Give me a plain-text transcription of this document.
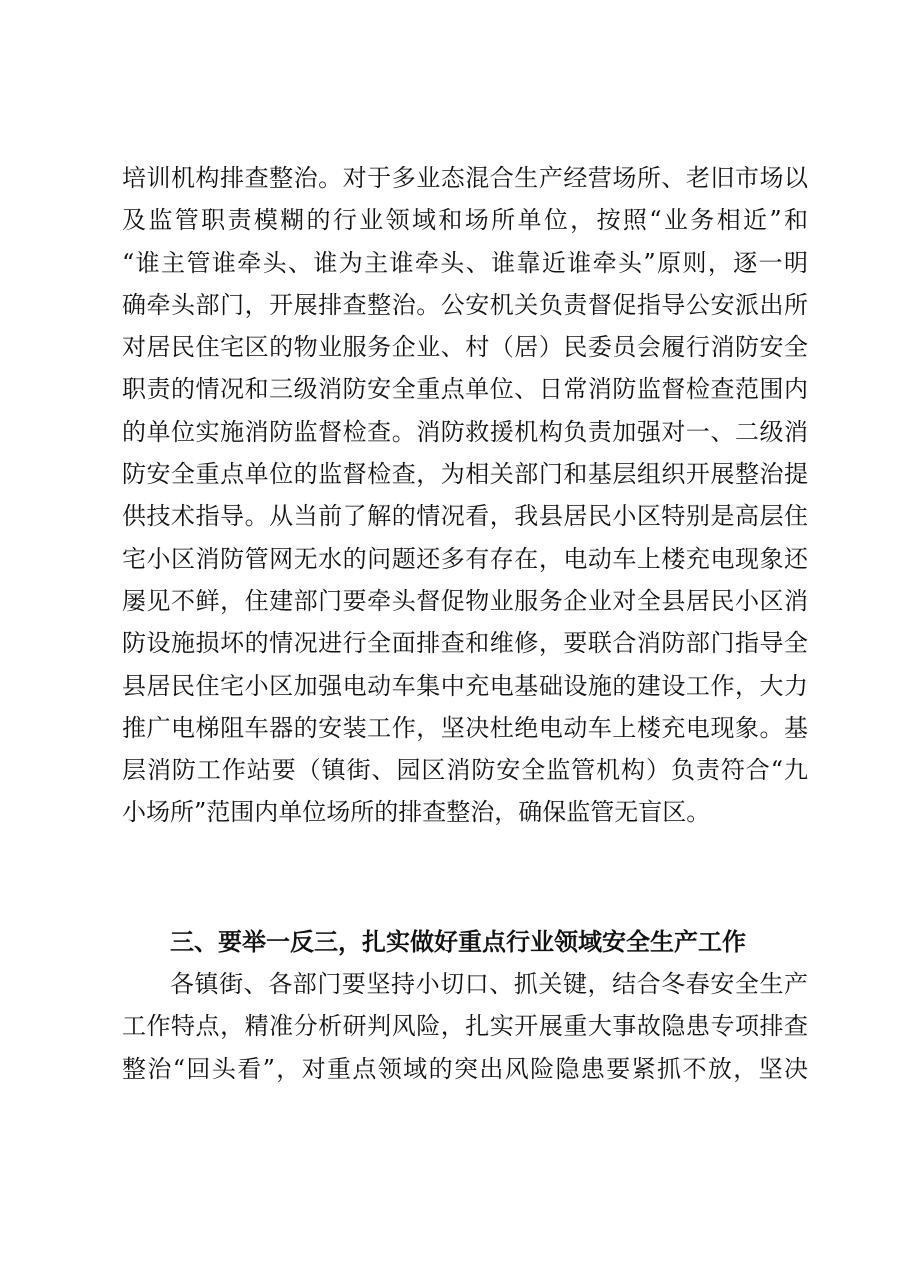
培训机构排查整治。对于多业态混合生产经营场所、老旧市场以
及监管职责模糊的行业领域和场所单位，按照“业务相近”和
“谁主管谁牵头、谁为主谁牵头、谁靠近谁牵头”原则，逐一明
确牵头部门，开展排查整治。公安机关负责督促指导公安派出所
对居民住宅区的物业服务企业、村（居）民委员会履行消防安全
职责的情况和三级消防安全重点单位、日常消防监督检查范围内
的单位实施消防监督检查。消防救援机构负责加强对一、二级消
防安全重点单位的监督检查，为相关部门和基层组织开展整治提
供技术指导。从当前了解的情况看，我县居民小区特别是高层住
宅小区消防管网无水的问题还多有存在，电动车上楼充电现象还
屡见不鲜，住建部门要牵头督促物业服务企业对全县居民小区消
防设施损坏的情况进行全面排查和维修，要联合消防部门指导全
县居民住宅小区加强电动车集中充电基础设施的建设工作，大力
推广电梯阻车器的安装工作，坚决杜绝电动车上楼充电现象。基
层消防工作站要（镇街、园区消防安全监管机构）负责符合“九
小场所”范围内单位场所的排查整治，确保监管无盲区。
三、要举一反三，扎实做好重点行业领域安全生产工作
各镇街、各部门要坚持小切口、抓关键，结合冬春安全生产
工作特点，精准分析研判风险，扎实开展重大事故隐患专项排查
整治“回头看”，对重点领域的突出风险隐患要紧抓不放，坚决
